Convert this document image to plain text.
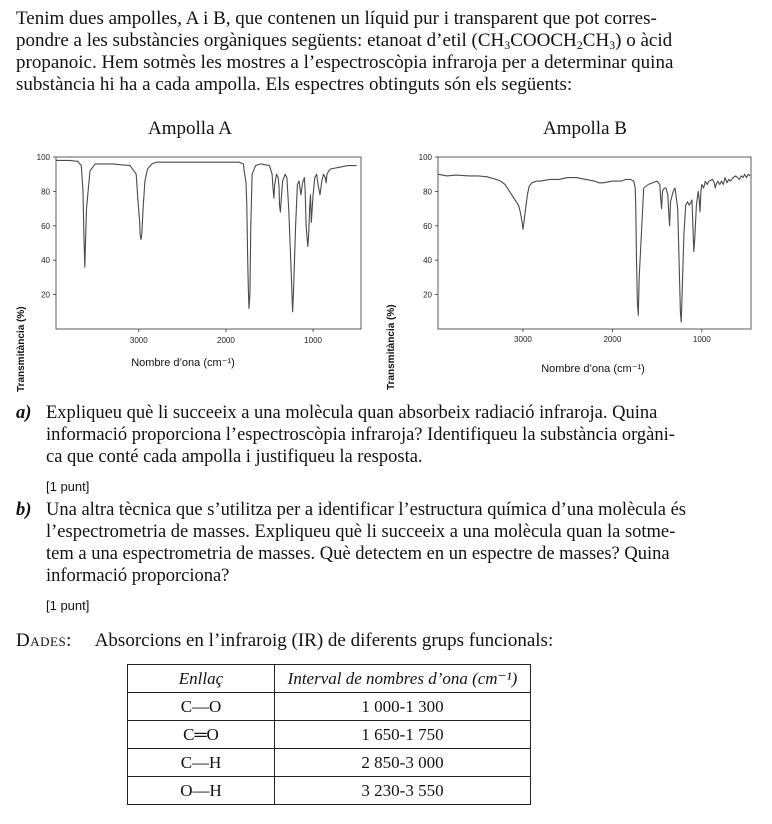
Tenim dues ampolles, A i B, que contenen un líquid pur i transparent que pot corres-

pondre a les substàncies orgàniques següents: etanoat d’etil $(CH_3COOCH_2CH_3)$ o àcid

propanoic. Hem sotmès les mostres a l’espectroscòpia infraroja per a determinar quina

substància hi ha a cada ampolla. Els espectres obtinguts són els següents:

Ampolla A	Ampolla B
Transmitància (%)	Nombre d’ona (cm⁻¹)
100
80
60
40
20
3000	2000	1000	Transmitància (%)	Nombre d’ona (cm⁻¹)
100
80
60
40
20
3000	2000	1000
a) Expliqueu què li succeeix a una molècula quan absorbeix radiació infraroja. Quina
informació proporciona l’espectroscòpia infraroja? Identifiqueu la substància orgàni-
ca que conté cada ampolla i justifiqueu la resposta.
[1 punt]
b) Una altra tècnica que s’utilitza per a identificar l’estructura química d’una molècula és
l’espectrometria de masses. Expliqueu què li succeeix a una molècula quan la sotme-
tem a una espectrometria de masses. Què detectem en un espectre de masses? Quina
informació proporciona?
[1 punt]
Dades: Absorcions en l’infraroig (IR) de diferents grups funcionals:
Enllaç	Interval de nombres d’ona (cm⁻¹)
C—O	1 000-1 300
C═O	1 650-1 750
C—H	2 850-3 000
O—H	3 230-3 550
